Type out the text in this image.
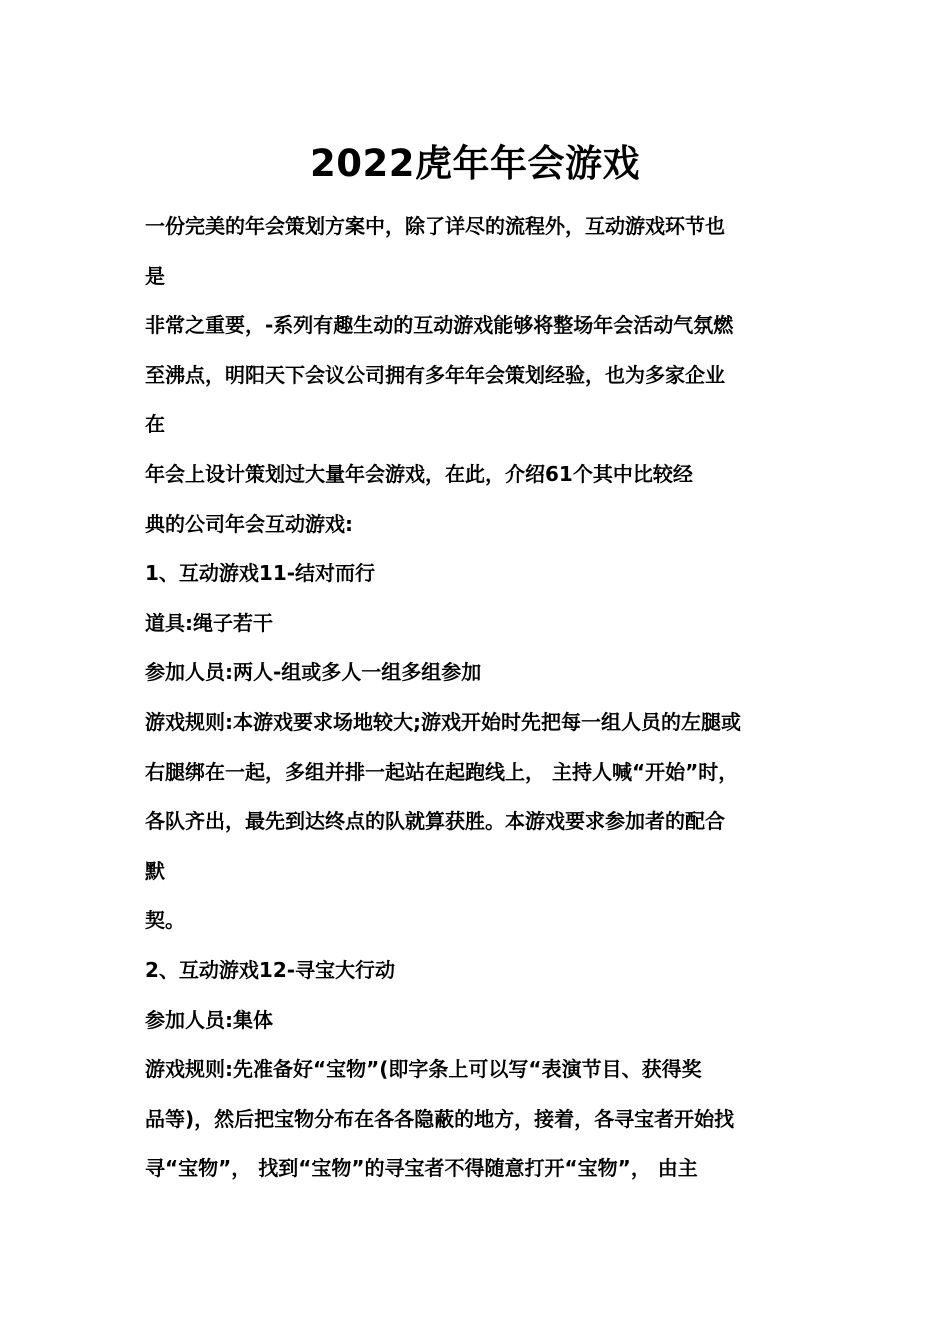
2022虎年年会游戏
一份完美的年会策划方案中，除了详尽的流程外，互动游戏环节也
是
非常之重要，-系列有趣生动的互动游戏能够将整场年会活动气氛燃
至沸点，明阳天下会议公司拥有多年年会策划经验，也为多家企业
在
年会上设计策划过大量年会游戏，在此，介绍61个其中比较经
典的公司年会互动游戏:
1、互动游戏11-结对而行
道具:绳子若干
参加人员:两人-组或多人一组多组参加
游戏规则:本游戏要求场地较大;游戏开始时先把每一组人员的左腿或
右腿绑在一起，多组并排一起站在起跑线上， 主持人喊“开始”时，
各队齐出，最先到达终点的队就算获胜。本游戏要求参加者的配合
默
契。
2、互动游戏12-寻宝大行动
参加人员:集体
游戏规则:先准备好“宝物”(即字条上可以写“表演节目、获得奖
品等)，然后把宝物分布在各各隐蔽的地方，接着，各寻宝者开始找
寻“宝物”， 找到“宝物”的寻宝者不得随意打开“宝物”， 由主
